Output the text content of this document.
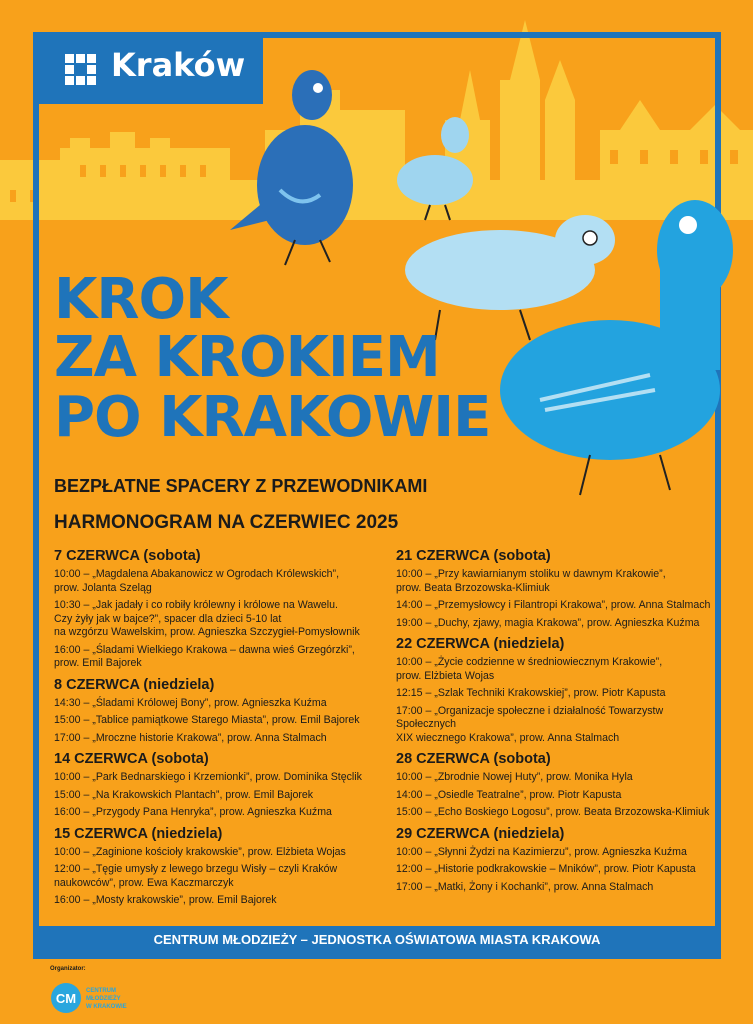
Kraków
KROK
ZA KROKIEM
PO KRAKOWIE
BEZPŁATNE SPACERY Z PRZEWODNIKAMI
HARMONOGRAM NA CZERWIEC 2025
7 CZERWCA (sobota)
10:00 – „Magdalena Abakanowicz w Ogrodach Królewskich”,
prow. Jolanta Szeląg
10:30 – „Jak jadały i co robiły królewny i królowe na Wawelu.
Czy żyły jak w bajce?”, spacer dla dzieci 5-10 lat
na wzgórzu Wawelskim, prow. Agnieszka Szczygieł-Pomysłownik
16:00 – „Śladami Wielkiego Krakowa – dawna wieś Grzegórzki”,
prow. Emil Bajorek
8 CZERWCA (niedziela)
14:30 – „Śladami Królowej Bony”, prow. Agnieszka Kuźma
15:00 – „Tablice pamiątkowe Starego Miasta”, prow. Emil Bajorek
17:00 – „Mroczne historie Krakowa”, prow. Anna Stalmach
14 CZERWCA (sobota)
10:00 – „Park Bednarskiego i Krzemionki”, prow. Dominika Stęclik
15:00 – „Na Krakowskich Plantach”, prow. Emil Bajorek
16:00 – „Przygody Pana Henryka”, prow. Agnieszka Kuźma
15 CZERWCA (niedziela)
10:00 – „Zaginione kościoły krakowskie”, prow. Elżbieta Wojas
12:00 – „Tęgie umysły z lewego brzegu Wisły – czyli Kraków
naukowców”, prow. Ewa Kaczmarczyk
16:00 – „Mosty krakowskie”, prow. Emil Bajorek
21 CZERWCA (sobota)
10:00 – „Przy kawiarnianym stoliku w dawnym Krakowie”,
prow. Beata Brzozowska-Klimiuk
14:00 – „Przemysłowcy i Filantropi Krakowa”, prow. Anna Stalmach
19:00 – „Duchy, zjawy, magia Krakowa”, prow. Agnieszka Kuźma
22 CZERWCA (niedziela)
10:00 – „Życie codzienne w średniowiecznym Krakowie”,
prow. Elżbieta Wojas
12:15 – „Szlak Techniki Krakowskiej”, prow. Piotr Kapusta
17:00 – „Organizacje społeczne i działalność Towarzystw Społecznych
XIX wiecznego Krakowa”, prow. Anna Stalmach
28 CZERWCA (sobota)
10:00 – „Zbrodnie Nowej Huty”, prow. Monika Hyla
14:00 – „Osiedle Teatralne”, prow. Piotr Kapusta
15:00 – „Echo Boskiego Logosu”, prow. Beata Brzozowska-Klimiuk
29 CZERWCA (niedziela)
10:00 – „Słynni Żydzi na Kazimierzu”, prow. Agnieszka Kuźma
12:00 – „Historie podkrakowskie – Mników”, prow. Piotr Kapusta
17:00 – „Matki, Żony i Kochanki”, prow. Anna Stalmach
CENTRUM MŁODZIEŻY – JEDNOSTKA OŚWIATOWA MIASTA KRAKOWA
Organizator:
CM CENTRUM
MŁODZIEŻY
W KRAKOWIE
